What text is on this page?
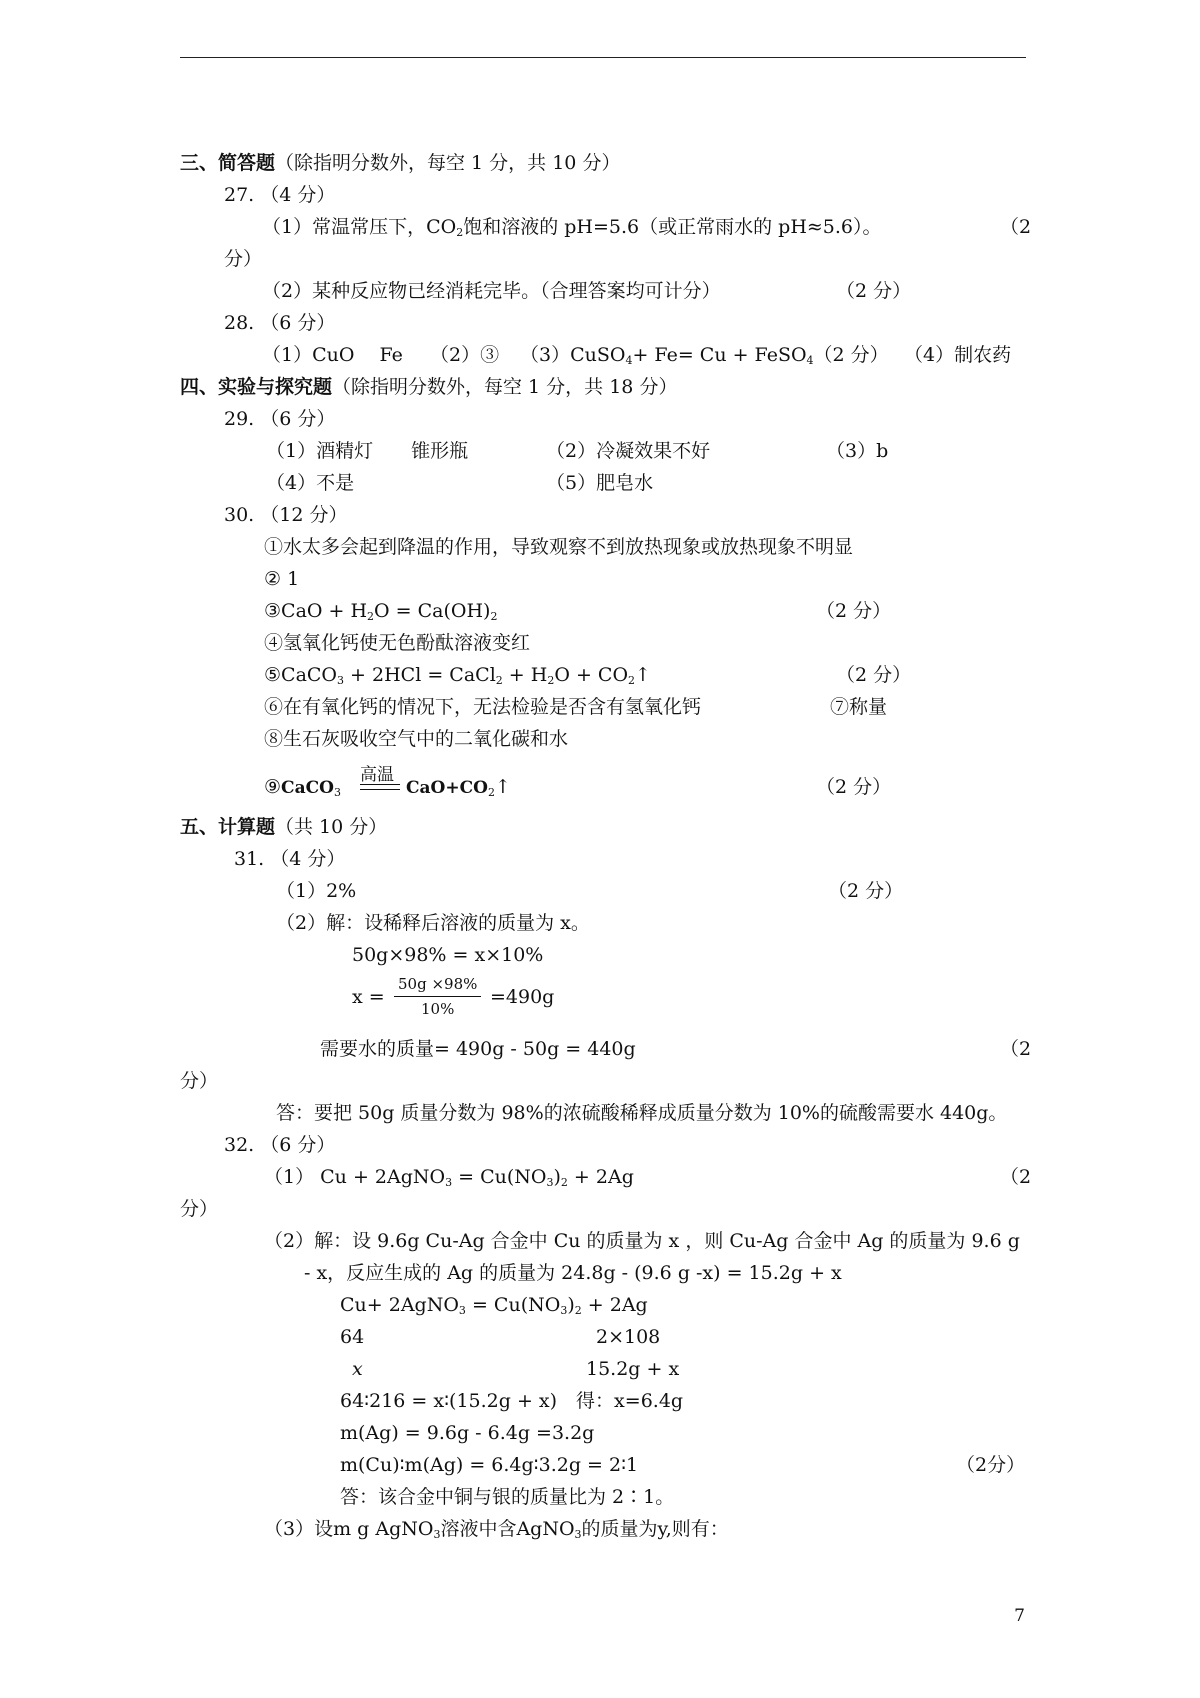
三、简答题（除指明分数外，每空 1 分，共 10 分）
27. （4 分）
（1）常温常压下，$CO_2$饱和溶液的 pH=5.6（或正常雨水的 pH≈5.6）。	（2
分）
（2）某种反应物已经消耗完毕。（合理答案均可计分）	（2 分）
28. （6 分）
（1）CuO　 Fe （2）③ （3）CuSO$_4$+ Fe= Cu + FeSO$_4$（2 分） （4）制农药
四、实验与探究题（除指明分数外，每空 1 分，共 18 分）
29. （6 分）
（1）酒精灯　　锥形瓶	（2）冷凝效果不好	（3）b
（4）不是	（5）肥皂水
30. （12 分）
①水太多会起到降温的作用，导致观察不到放热现象或放热现象不明显
② 1
③CaO + $H_2O = Ca(OH)_2$	（2 分）
④氢氧化钙使无色酚酞溶液变红
⑤CaCO$_3$ + 2HCl = CaCl$_2$ + $H_2O$ + $CO_2↑$	（2 分）
⑥在有氧化钙的情况下，无法检验是否含有氢氧化钙	⑦称量
⑧生石灰吸收空气中的二氧化碳和水
⑨CaCO$_3$
高温
$CaO+CO_2↑$	（2 分）
五、计算题（共 10 分）
31. （4 分）
（1）2%	（2 分）
（2）解：设稀释后溶液的质量为 x。
50g×98% = x×10%
$x = \frac{50g \times 98\%}{10\%} =490g$
需要水的质量= 490g - 50g = 440g	（2
分）
答：要把 50g 质量分数为 98%的浓硫酸稀释成质量分数为 10%的硫酸需要水 440g。
32. （6 分）
（1） Cu + 2AgNO$_3$ = $Cu(NO_3)_2 + 2Ag$	（2
分）
（2）解：设 9.6g Cu-Ag 合金中 Cu 的质量为 x ，则 Cu-Ag 合金中 Ag 的质量为 9.6 g
- x，反应生成的 Ag 的质量为 24.8g - (9.6 g -x) = 15.2g + x
Cu+ 2AgNO$_3$ = $Cu(NO_3)_2 + 2Ag$
64	2×108
x	15.2g + x
64∶216 = x∶(15.2g + x)　得：x=6.4g
m(Ag) = 9.6g - 6.4g =3.2g
m(Cu)∶m(Ag) = 6.4g∶3.2g = 2∶1	（2分）
答：该合金中铜与银的质量比为 2∶1。
（3）设m g AgNO$_3$溶液中含AgNO$_3$的质量为y,则有：
7
